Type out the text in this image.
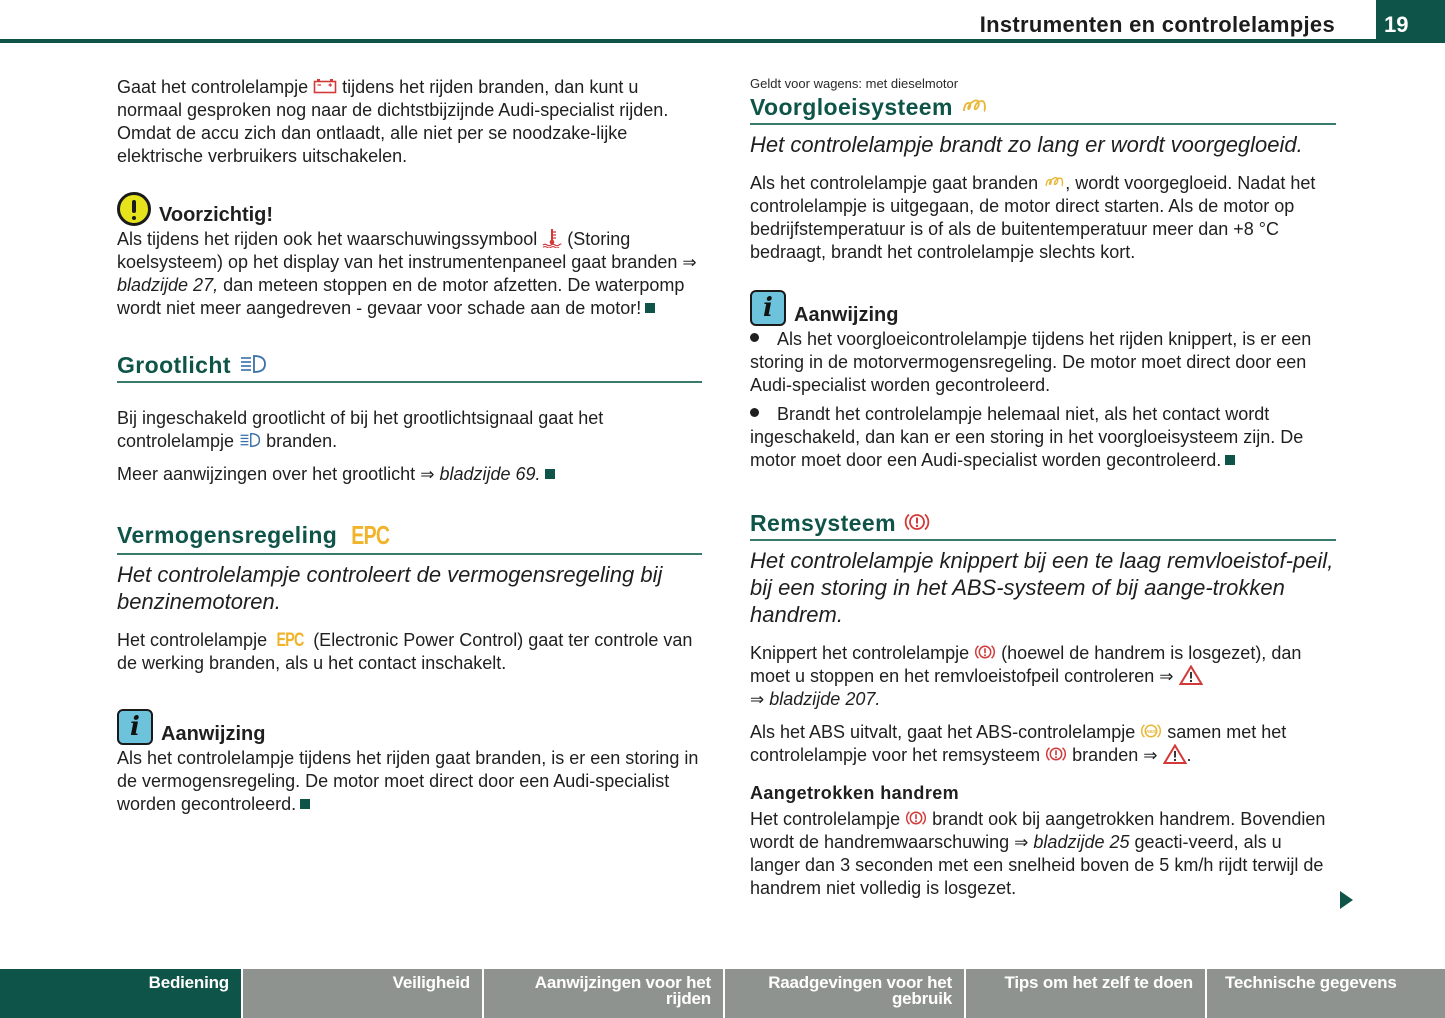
Instrumenten en controlelampjes 19

Gaat het controlelampje tijdens het rijden branden, dan kunt u normaal gesproken nog naar de dichtstbijzijnde Audi-specialist rijden. Omdat de accu zich dan ontlaadt, alle niet per se noodzake-lijke elektrische verbruikers uitschakelen.

Voorzichtig!

Als tijdens het rijden ook het waarschuwingssymbool (Storing koelsysteem) op het display van het instrumentenpaneel gaat branden ⇒ bladzijde 27, dan meteen stoppen en de motor afzetten. De waterpomp wordt niet meer aangedreven - gevaar voor schade aan de motor!

Grootlicht

Bij ingeschakeld grootlicht of bij het grootlichtsignaal gaat het controlelampje branden.

Meer aanwijzingen over het grootlicht ⇒ bladzijde 69.

Vermogensregeling EPC

Het controlelampje controleert de vermogensregeling bij benzinemotoren.

Het controlelampje EPC (Electronic Power Control) gaat ter controle van de werking branden, als u het contact inschakelt.

i	Aanwijzing

Als het controlelampje tijdens het rijden gaat branden, is er een storing in de vermogensregeling. De motor moet direct door een Audi-specialist worden gecontroleerd.

Geldt voor wagens: met dieselmotor
Voorgloeisysteem

Het controlelampje brandt zo lang er wordt voorgegloeid.

Als het controlelampje gaat branden , wordt voorgegloeid. Nadat het controlelampje is uitgegaan, de motor direct starten. Als de motor op bedrijfstemperatuur is of als de buitentemperatuur meer dan +8 °C bedraagt, brandt het controlelampje slechts kort.

i	Aanwijzing

Als het voorgloeicontrolelampje tijdens het rijden knippert, is er een storing in de motorvermogensregeling. De motor moet direct door een Audi-specialist worden gecontroleerd.

Brandt het controlelampje helemaal niet, als het contact wordt ingeschakeld, dan kan er een storing in het voorgloeisysteem zijn. De motor moet door een Audi-specialist worden gecontroleerd.

Remsysteem

Het controlelampje knippert bij een te laag remvloeistof-peil, bij een storing in het ABS-systeem of bij aange-trokken handrem.

Knippert het controlelampje (hoewel de handrem is losgezet), dan moet u stoppen en het remvloeistofpeil controleren ⇒

⇒ bladzijde 207.

Als het ABS uitvalt, gaat het ABS-controlelampje ABS samen met het controlelampje voor het remsysteem branden ⇒ .

Aangetrokken handrem

Het controlelampje brandt ook bij aangetrokken handrem. Bovendien wordt de handremwaarschuwing ⇒ bladzijde 25 geacti-veerd, als u langer dan 3 seconden met een snelheid boven de 5 km/h rijdt terwijl de handrem niet volledig is losgezet.

Bediening	Veiligheid	Aanwijzingen voor het rijden
Raadgevingen voor het gebruik
Tips om het zelf te doen	Technische gegevens
